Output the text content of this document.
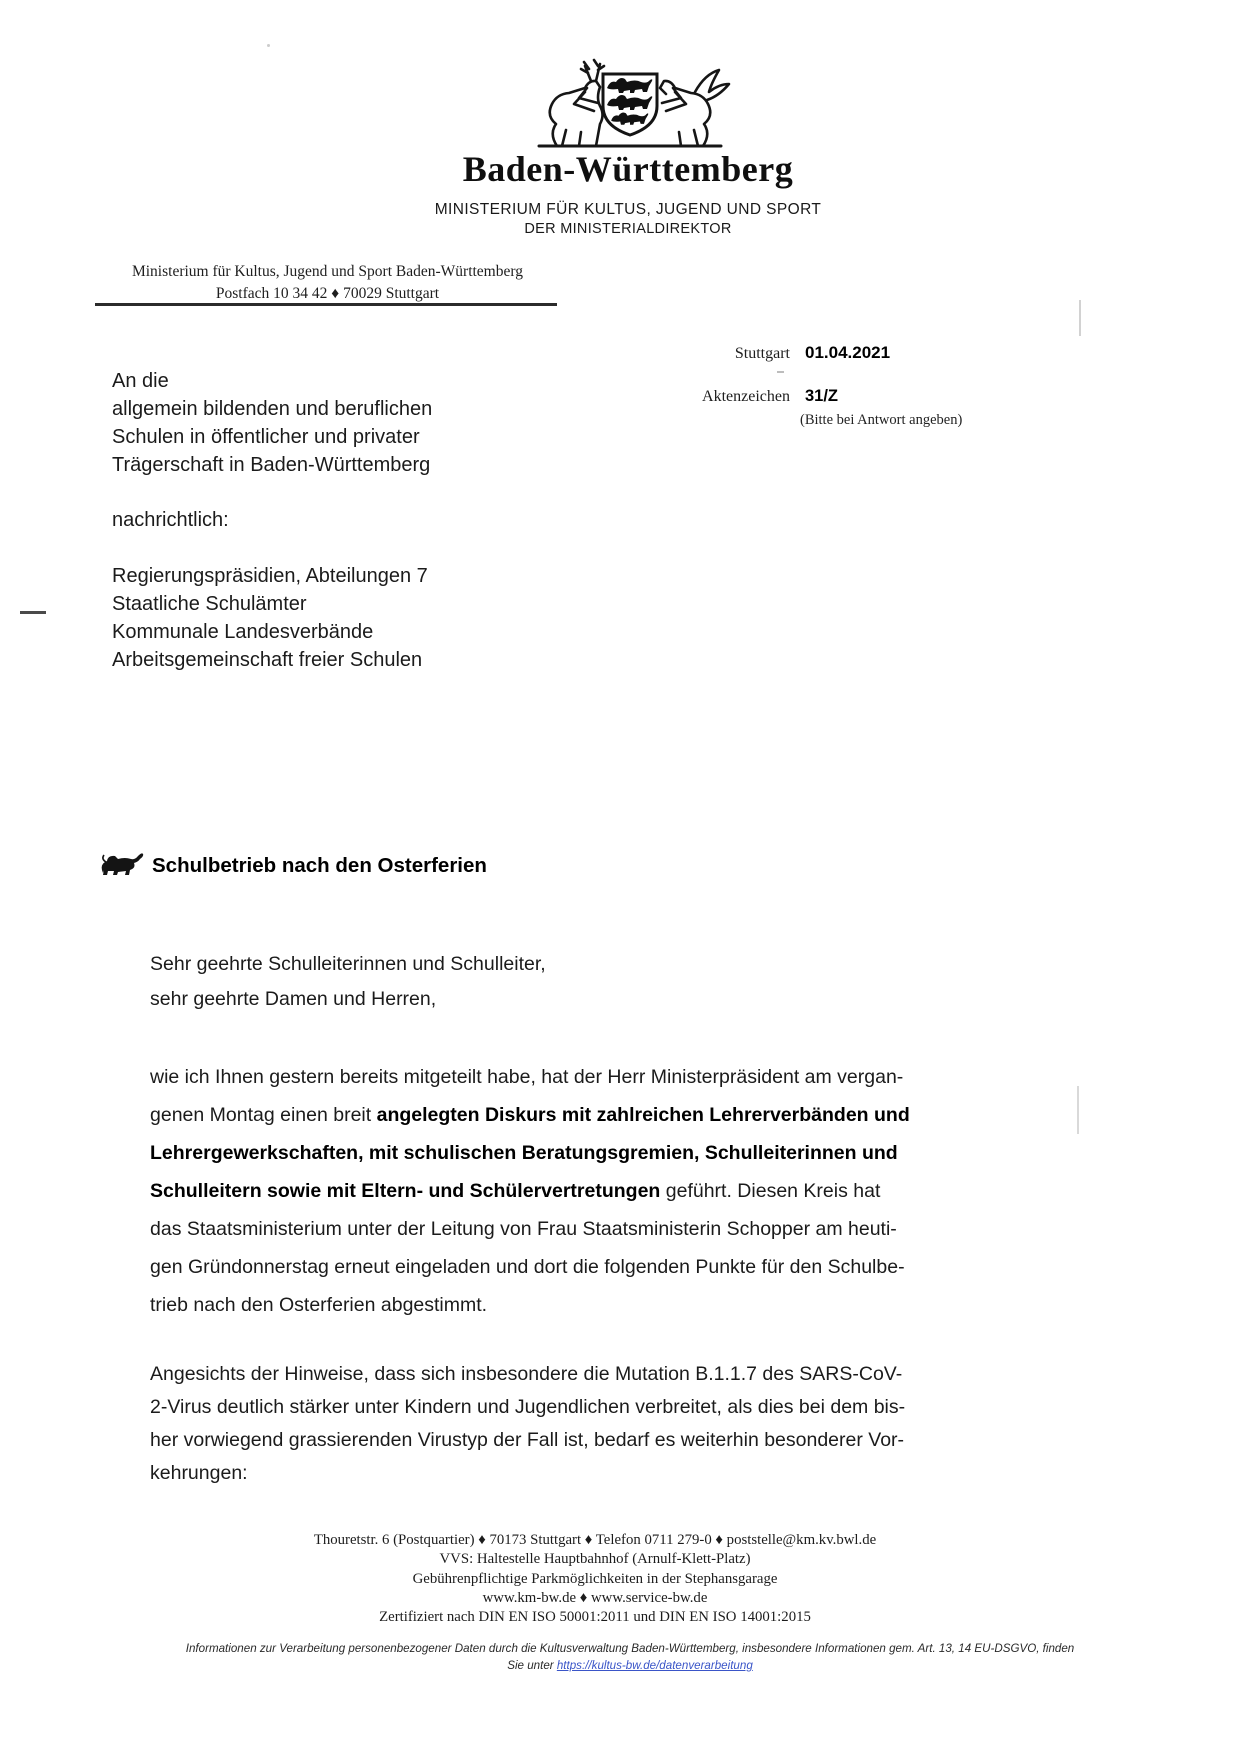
Baden-Württemberg
MINISTERIUM FÜR KULTUS, JUGEND UND SPORT
DER MINISTERIALDIREKTOR
Ministerium für Kultus, Jugend und Sport Baden-Württemberg
Postfach 10 34 42 ♦ 70029 Stuttgart
Stuttgart 01.04.2021
Aktenzeichen 31/Z
(Bitte bei Antwort angeben)
An die
allgemein bildenden und beruflichen
Schulen in öffentlicher und privater
Trägerschaft in Baden-Württemberg
nachrichtlich:
Regierungspräsidien, Abteilungen 7
Staatliche Schulämter
Kommunale Landesverbände
Arbeitsgemeinschaft freier Schulen
Schulbetrieb nach den Osterferien
Sehr geehrte Schulleiterinnen und Schulleiter,
sehr geehrte Damen und Herren,
wie ich Ihnen gestern bereits mitgeteilt habe, hat der Herr Ministerpräsident am vergan-
genen Montag einen breit angelegten Diskurs mit zahlreichen Lehrerverbänden und
Lehrergewerkschaften, mit schulischen Beratungsgremien, Schulleiterinnen und
Schulleitern sowie mit Eltern- und Schülervertretungen geführt. Diesen Kreis hat
das Staatsministerium unter der Leitung von Frau Staatsministerin Schopper am heuti-
gen Gründonnerstag erneut eingeladen und dort die folgenden Punkte für den Schulbe-
trieb nach den Osterferien abgestimmt.
Angesichts der Hinweise, dass sich insbesondere die Mutation B.1.1.7 des SARS-CoV-
2-Virus deutlich stärker unter Kindern und Jugendlichen verbreitet, als dies bei dem bis-
her vorwiegend grassierenden Virustyp der Fall ist, bedarf es weiterhin besonderer Vor-
kehrungen:
Thouretstr. 6 (Postquartier) ♦ 70173 Stuttgart ♦ Telefon 0711 279-0 ♦ poststelle@km.kv.bwl.de
VVS: Haltestelle Hauptbahnhof (Arnulf-Klett-Platz)
Gebührenpflichtige Parkmöglichkeiten in der Stephansgarage
www.km-bw.de ♦ www.service-bw.de
Zertifiziert nach DIN EN ISO 50001:2011 und DIN EN ISO 14001:2015
Informationen zur Verarbeitung personenbezogener Daten durch die Kultusverwaltung Baden-Württemberg, insbesondere Informationen gem. Art. 13, 14 EU-DSGVO, finden
Sie unter https://kultus-bw.de/datenverarbeitung
